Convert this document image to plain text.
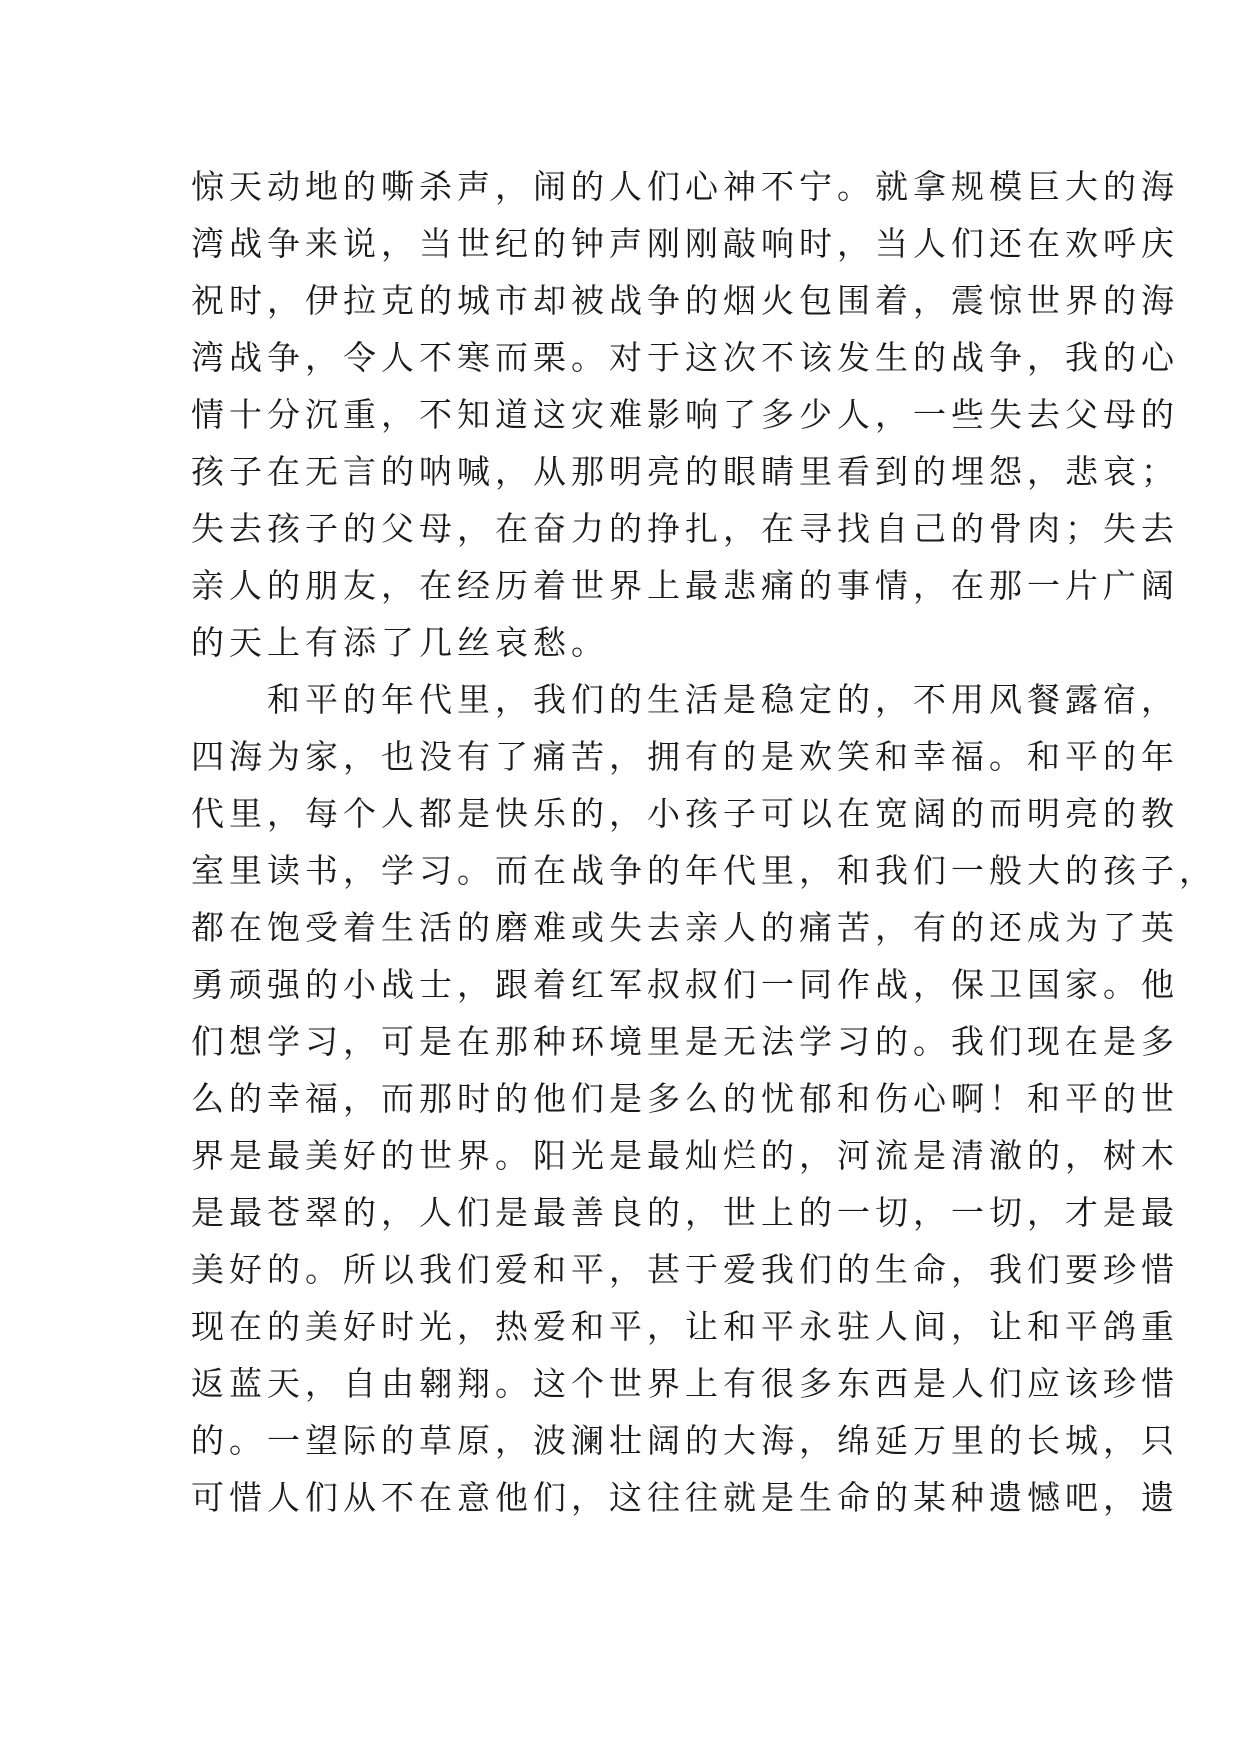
惊天动地的嘶杀声，闹的人们心神不宁。就拿规模巨大的海
湾战争来说，当世纪的钟声刚刚敲响时，当人们还在欢呼庆
祝时，伊拉克的城市却被战争的烟火包围着，震惊世界的海
湾战争，令人不寒而栗。对于这次不该发生的战争，我的心
情十分沉重，不知道这灾难影响了多少人，一些失去父母的
孩子在无言的呐喊，从那明亮的眼睛里看到的埋怨，悲哀；
失去孩子的父母，在奋力的挣扎，在寻找自己的骨肉；失去
亲人的朋友，在经历着世界上最悲痛的事情，在那一片广阔
的天上有添了几丝哀愁。
和平的年代里，我们的生活是稳定的，不用风餐露宿，
四海为家，也没有了痛苦，拥有的是欢笑和幸福。和平的年
代里，每个人都是快乐的，小孩子可以在宽阔的而明亮的教
室里读书，学习。而在战争的年代里，和我们一般大的孩子，
都在饱受着生活的磨难或失去亲人的痛苦，有的还成为了英
勇顽强的小战士，跟着红军叔叔们一同作战，保卫国家。他
们想学习，可是在那种环境里是无法学习的。我们现在是多
么的幸福，而那时的他们是多么的忧郁和伤心啊！和平的世
界是最美好的世界。阳光是最灿烂的，河流是清澈的，树木
是最苍翠的，人们是最善良的，世上的一切，一切，才是最
美好的。所以我们爱和平，甚于爱我们的生命，我们要珍惜
现在的美好时光，热爱和平，让和平永驻人间，让和平鸽重
返蓝天，自由翱翔。这个世界上有很多东西是人们应该珍惜
的。一望际的草原，波澜壮阔的大海，绵延万里的长城，只
可惜人们从不在意他们，这往往就是生命的某种遗憾吧，遗
